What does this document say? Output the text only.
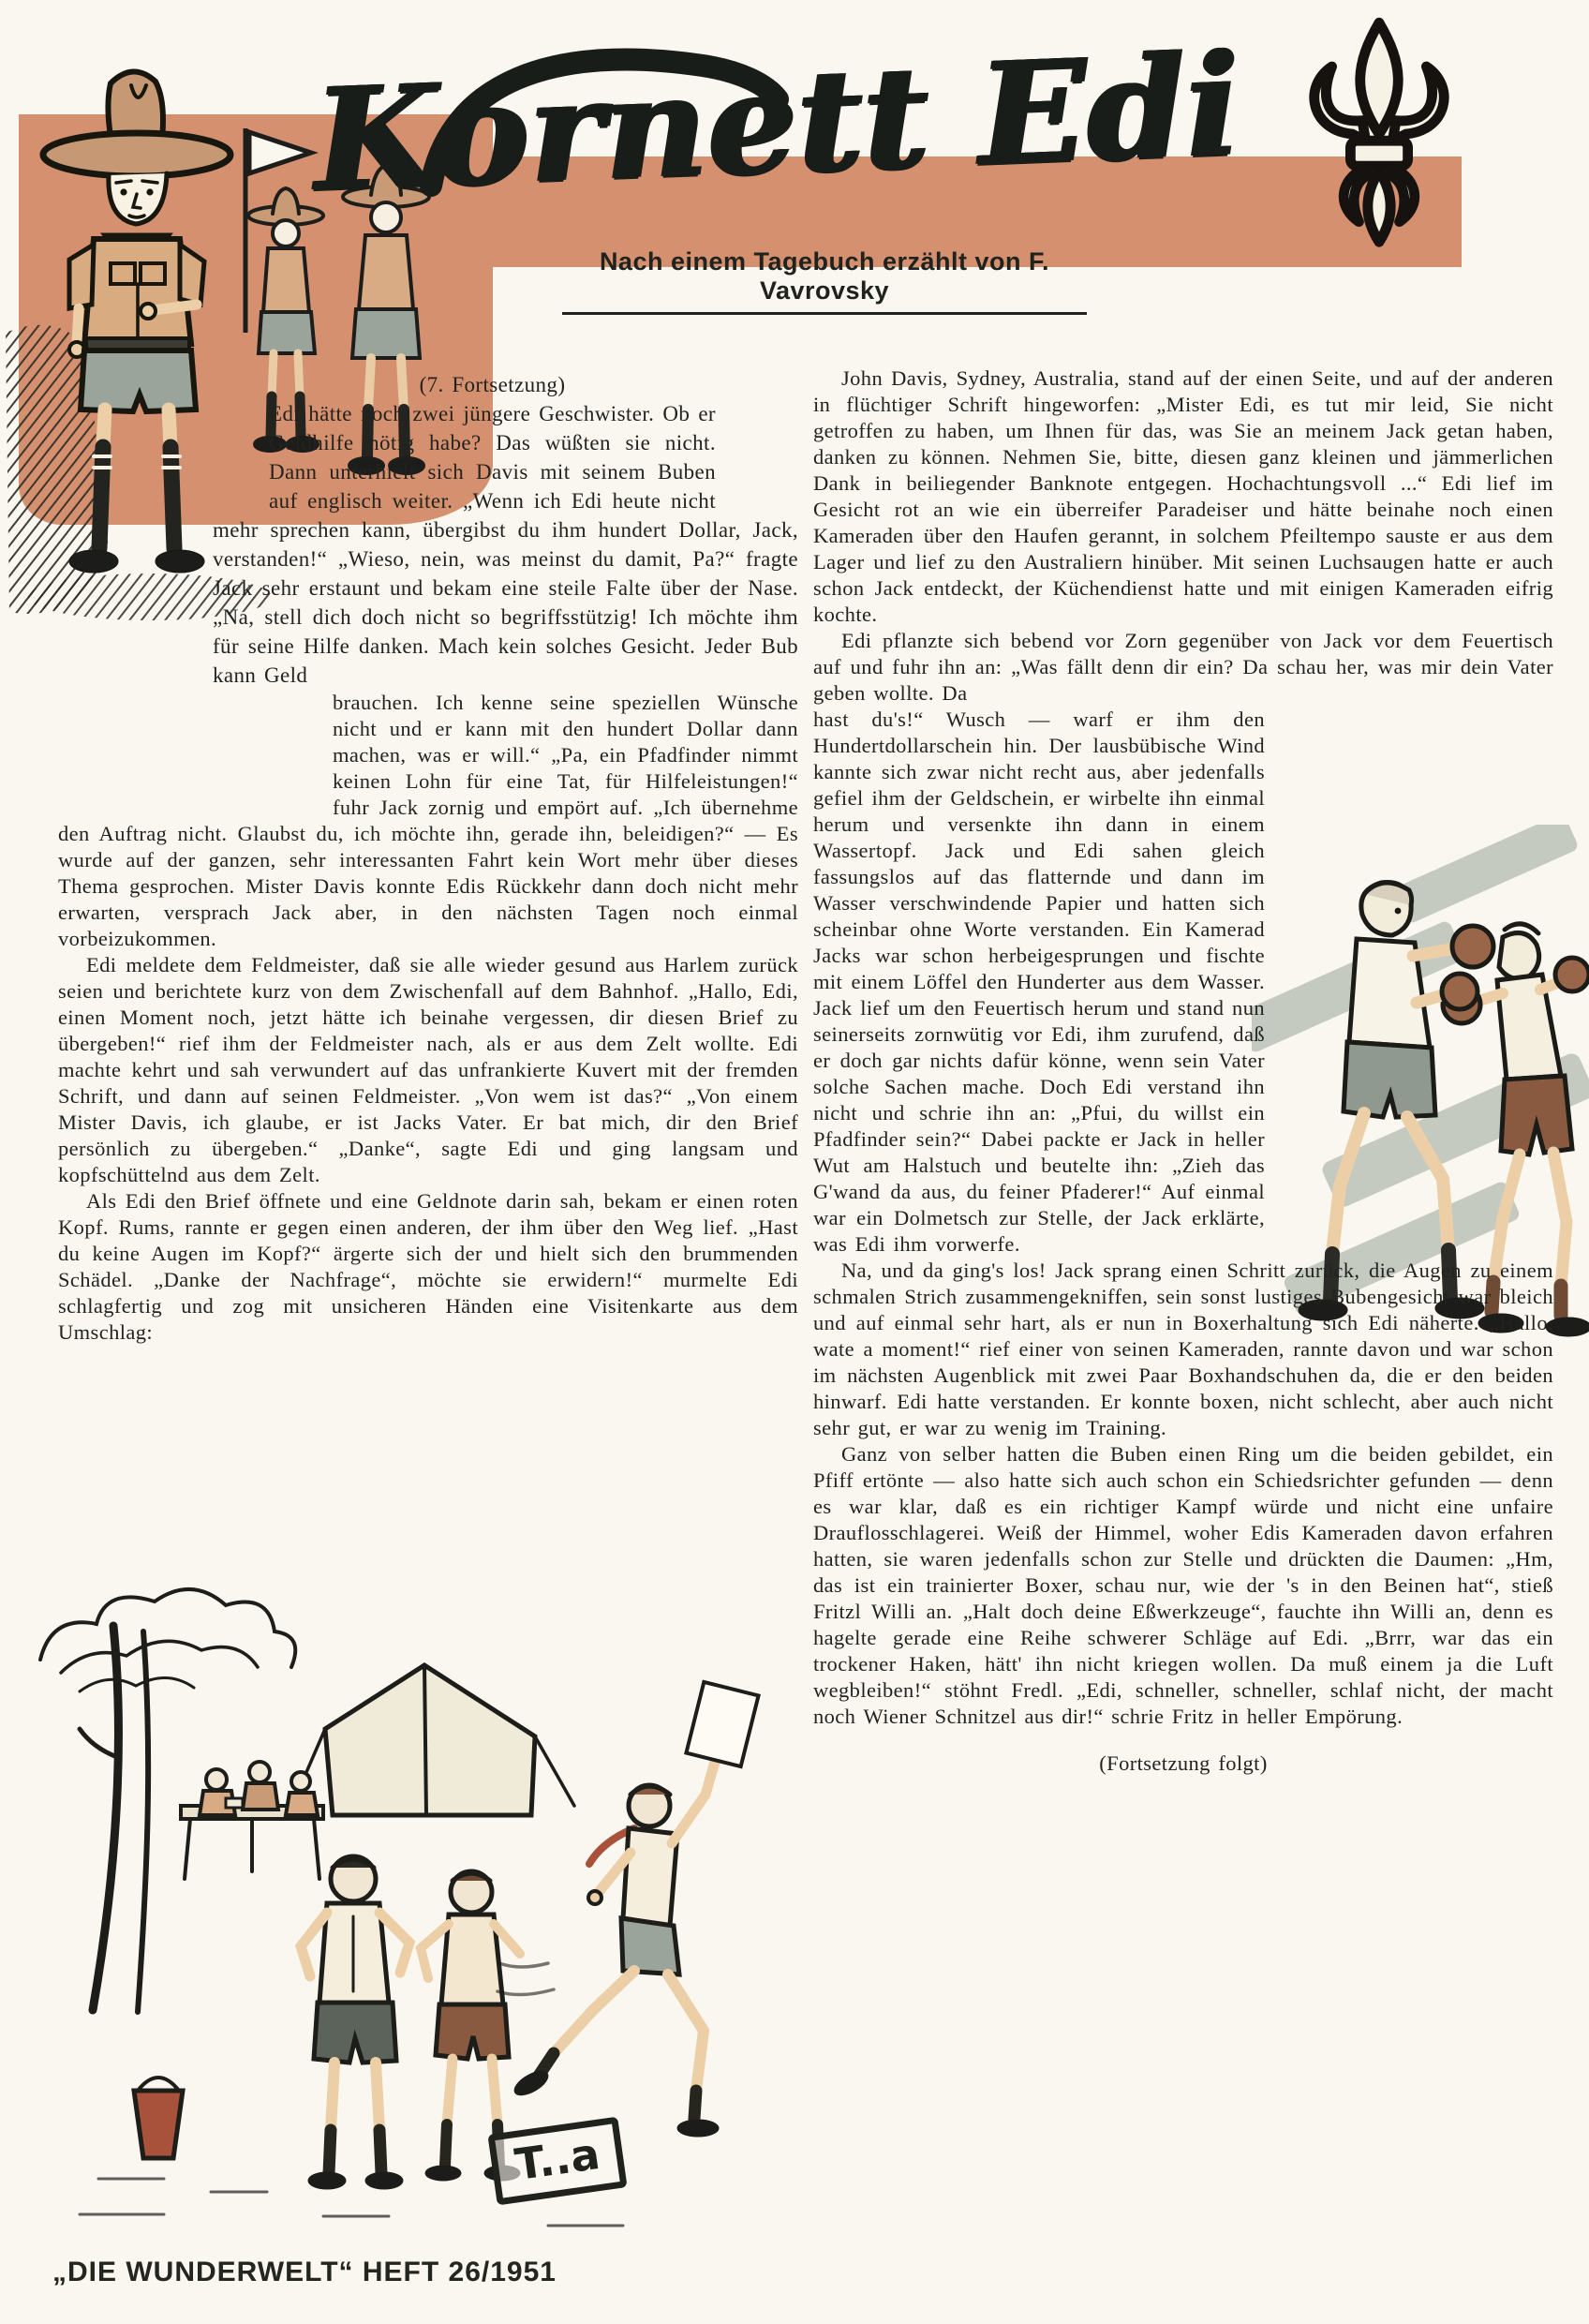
Kornett Edi
Nach einem Tagebuch erzählt von F. Vavrovsky
T..a
(7. Fortsetzung)
Edi hätte noch zwei jüngere Geschwister. Ob er Geldhilfe nötig habe? Das wüßten sie nicht. Dann unterhielt sich Davis mit seinem Buben auf englisch weiter. „Wenn ich Edi heute nicht mehr sprechen kann, übergibst du ihm hundert Dollar, Jack, verstanden!“ „Wieso, nein, was meinst du damit, Pa?“ fragte Jack sehr erstaunt und bekam eine steile Falte über der Nase. „Na, stell dich doch nicht so begriffsstützig! Ich möchte ihm für seine Hilfe danken. Mach kein solches Gesicht. Jeder Bub kann Geld
brauchen. Ich kenne seine speziellen Wünsche nicht und er kann mit den hundert Dollar dann machen, was er will.“ „Pa, ein Pfadfinder nimmt keinen Lohn für eine Tat, für Hilfeleistungen!“ fuhr Jack zornig und empört auf. „Ich übernehme den Auftrag nicht. Glaubst du, ich möchte ihn, gerade ihn, beleidigen?“ — Es wurde auf der ganzen, sehr interessanten Fahrt kein Wort mehr über dieses Thema gesprochen. Mister Davis konnte Edis Rückkehr dann doch nicht mehr erwarten, versprach Jack aber, in den nächsten Tagen noch einmal vorbeizukommen.
Edi meldete dem Feldmeister, daß sie alle wieder gesund aus Harlem zurück seien und berichtete kurz von dem Zwischenfall auf dem Bahnhof. „Hallo, Edi, einen Moment noch, jetzt hätte ich beinahe vergessen, dir diesen Brief zu übergeben!“ rief ihm der Feldmeister nach, als er aus dem Zelt wollte. Edi machte kehrt und sah verwundert auf das unfrankierte Kuvert mit der fremden Schrift, und dann auf seinen Feldmeister. „Von wem ist das?“ „Von einem Mister Davis, ich glaube, er ist Jacks Vater. Er bat mich, dir den Brief persönlich zu übergeben.“ „Danke“, sagte Edi und ging langsam und kopfschüttelnd aus dem Zelt.
Als Edi den Brief öffnete und eine Geldnote darin sah, bekam er einen roten Kopf. Rums, rannte er gegen einen anderen, der ihm über den Weg lief. „Hast du keine Augen im Kopf?“ ärgerte sich der und hielt sich den brummenden Schädel. „Danke der Nachfrage“, möchte sie erwidern!“ murmelte Edi schlagfertig und zog mit unsicheren Händen eine Visitenkarte aus dem Umschlag:
John Davis, Sydney, Australia, stand auf der einen Seite, und auf der anderen in flüchtiger Schrift hingeworfen: „Mister Edi, es tut mir leid, Sie nicht getroffen zu haben, um Ihnen für das, was Sie an meinem Jack getan haben, danken zu können. Nehmen Sie, bitte, diesen ganz kleinen und jämmerlichen Dank in beiliegender Banknote entgegen. Hochachtungsvoll ...“ Edi lief im Gesicht rot an wie ein überreifer Paradeiser und hätte beinahe noch einen Kameraden über den Haufen gerannt, in solchem Pfeiltempo sauste er aus dem Lager und lief zu den Australiern hinüber. Mit seinen Luchsaugen hatte er auch schon Jack entdeckt, der Küchendienst hatte und mit einigen Kameraden eifrig kochte.
Edi pflanzte sich bebend vor Zorn gegenüber von Jack vor dem Feuertisch auf und fuhr ihn an: „Was fällt denn dir ein? Da schau her, was mir dein Vater geben wollte. Da
hast du's!“ Wusch — warf er ihm den Hundertdollarschein hin. Der lausbübische Wind kannte sich zwar nicht recht aus, aber jedenfalls gefiel ihm der Geldschein, er wirbelte ihn einmal herum und versenkte ihn dann in einem Wassertopf. Jack und Edi sahen gleich fassungslos auf das flatternde und dann im Wasser verschwindende Papier und hatten sich scheinbar ohne Worte verstanden. Ein Kamerad Jacks war schon herbeigesprungen und fischte mit einem Löffel den Hunderter aus dem Wasser. Jack lief um den Feuertisch herum und stand nun seinerseits zornwütig vor Edi, ihm zurufend, daß er doch gar nichts dafür könne, wenn sein Vater solche Sachen mache. Doch Edi verstand ihn nicht und schrie ihn an: „Pfui, du willst ein Pfadfinder sein?“ Dabei packte er Jack in heller Wut am Halstuch und beutelte ihn: „Zieh das G'wand da aus, du feiner Pfaderer!“ Auf einmal war ein Dolmetsch zur Stelle, der Jack erklärte, was Edi ihm vorwerfe.
Na, und da ging's los! Jack sprang einen Schritt zurück, die Augen zu einem schmalen Strich zusammengekniffen, sein sonst lustiges Bubengesicht war bleich und auf einmal sehr hart, als er nun in Boxerhaltung sich Edi näherte. „Hallo, wate a moment!“ rief einer von seinen Kameraden, rannte davon und war schon im nächsten Augenblick mit zwei Paar Boxhandschuhen da, die er den beiden hinwarf. Edi hatte verstanden. Er konnte boxen, nicht schlecht, aber auch nicht sehr gut, er war zu wenig im Training.
Ganz von selber hatten die Buben einen Ring um die beiden gebildet, ein Pfiff ertönte — also hatte sich auch schon ein Schiedsrichter gefunden — denn es war klar, daß es ein richtiger Kampf würde und nicht eine unfaire Drauflosschlagerei. Weiß der Himmel, woher Edis Kameraden davon erfahren hatten, sie waren jedenfalls schon zur Stelle und drückten die Daumen: „Hm, das ist ein trainierter Boxer, schau nur, wie der 's in den Beinen hat“, stieß Fritzl Willi an. „Halt doch deine Eßwerkzeuge“, fauchte ihn Willi an, denn es hagelte gerade eine Reihe schwerer Schläge auf Edi. „Brrr, war das ein trockener Haken, hätt' ihn nicht kriegen wollen. Da muß einem ja die Luft wegbleiben!“ stöhnt Fredl. „Edi, schneller, schneller, schlaf nicht, der macht noch Wiener Schnitzel aus dir!“ schrie Fritz in heller Empörung.
(Fortsetzung folgt)
„DIE WUNDERWELT“ HEFT 26/1951
